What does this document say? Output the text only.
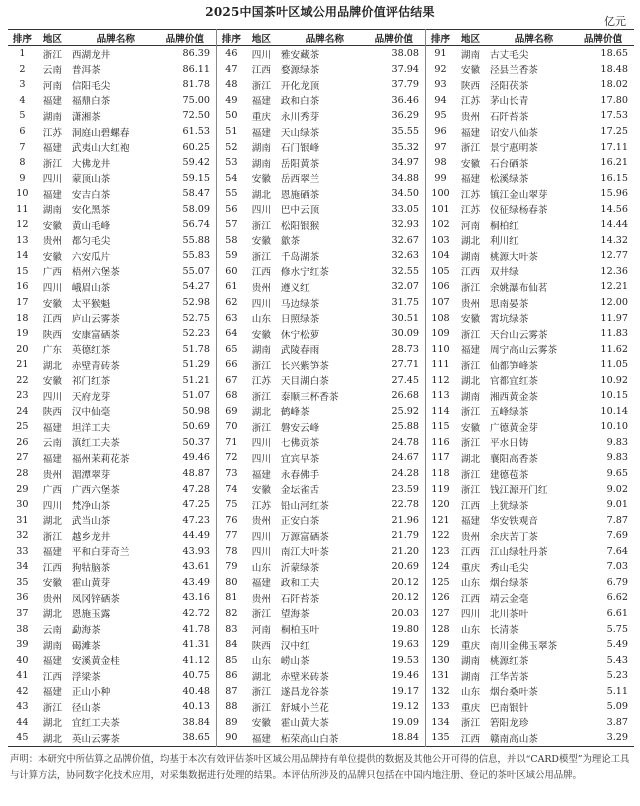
2025中国茶叶区域公用品牌价值评估结果
亿元
排序	地区	品牌名称	品牌价值
1	浙江	西湖龙井	86.39
2	云南	普洱茶	86.11
3	河南	信阳毛尖	81.78
4	福建	福鼎白茶	75.00
5	湖南	潇湘茶	72.50
6	江苏	洞庭山碧螺春	61.53
7	福建	武夷山大红袍	60.25
8	浙江	大佛龙井	59.42
9	四川	蒙顶山茶	59.15
10	福建	安吉白茶	58.47
11	湖南	安化黑茶	58.09
12	安徽	黄山毛峰	56.74
13	贵州	都匀毛尖	55.88
14	安徽	六安瓜片	55.83
15	广西	梧州六堡茶	55.07
16	四川	峨眉山茶	54.27
17	安徽	太平猴魁	52.98
18	江西	庐山云雾茶	52.75
19	陕西	安康富硒茶	52.23
20	广东	英德红茶	51.78
21	湖北	赤壁青砖茶	51.29
22	安徽	祁门红茶	51.21
23	四川	天府龙芽	51.07
24	陕西	汉中仙毫	50.98
25	福建	坦洋工夫	50.69
26	云南	滇红工夫茶	50.37
27	福建	福州茉莉花茶	49.46
28	贵州	湄潭翠芽	48.87
29	广西	广西六堡茶	47.28
30	四川	梵净山茶	47.25
31	湖北	武当山茶	47.23
32	浙江	越乡龙井	44.49
33	福建	平和白芽奇兰	43.93
34	江西	狗牯脑茶	43.61
35	安徽	霍山黄芽	43.49
36	贵州	凤冈锌硒茶	43.16
37	湖北	恩施玉露	42.72
38	云南	勐海茶	41.78
39	湖南	碣滩茶	41.31
40	福建	安溪黄金桂	41.12
41	江西	浮梁茶	40.75
42	福建	正山小种	40.48
43	浙江	径山茶	40.13
44	湖北	宜红工夫茶	38.84
45	湖北	英山云雾茶	38.65
排序	地区	品牌名称	品牌价值
46	四川	雅安藏茶	38.08
47	江西	婺源绿茶	37.94
48	浙江	开化龙顶	37.79
49	福建	政和白茶	36.46
50	重庆	永川秀芽	36.29
51	福建	天山绿茶	35.55
52	湖南	石门银峰	35.32
53	湖南	岳阳黄茶	34.97
54	安徽	岳西翠兰	34.88
55	湖北	恩施硒茶	34.50
56	四川	巴中云顶	33.05
57	浙江	松阳银猴	32.93
58	安徽	歙茶	32.67
59	浙江	千岛湖茶	32.63
60	江西	修水宁红茶	32.55
61	贵州	遵义红	32.07
62	四川	马边绿茶	31.75
63	山东	日照绿茶	30.51
64	安徽	休宁松萝	30.09
65	湖南	武陵春雨	28.73
66	浙江	长兴紫笋茶	27.71
67	江苏	天目湖白茶	27.45
68	浙江	泰顺三杯香茶	26.68
69	湖北	鹤峰茶	25.92
70	浙江	磐安云峰	25.88
71	四川	七佛贡茶	24.78
72	四川	宜宾早茶	24.67
73	福建	永春佛手	24.28
74	安徽	金坛雀舌	23.59
75	江苏	铅山河红茶	22.78
76	贵州	正安白茶	21.96
77	四川	万源富硒茶	21.79
78	四川	南江大叶茶	21.20
79	山东	沂蒙绿茶	20.69
80	福建	政和工夫	20.12
81	贵州	石阡苔茶	20.12
82	浙江	望海茶	20.03
83	河南	桐柏玉叶	19.80
84	陕西	汉中红	19.63
85	山东	崂山茶	19.53
86	湖北	赤壁米砖茶	19.46
87	浙江	遂昌龙谷茶	19.17
88	浙江	舒城小兰花	19.12
89	安徽	霍山黄大茶	19.09
90	福建	柘荣高山白茶	18.84
排序	地区	品牌名称	品牌价值
91	湖南	古丈毛尖	18.65
92	安徽	泾县兰香茶	18.48
93	陕西	泾阳茯茶	18.02
94	江苏	茅山长青	17.80
95	贵州	石阡苔茶	17.53
96	福建	诏安八仙茶	17.25
97	浙江	景宁惠明茶	17.11
98	安徽	石台硒茶	16.21
99	福建	松溪绿茶	16.15
100	江苏	镇江金山翠芽	15.96
101	江苏	仪征绿杨春茶	14.56
102	河南	桐柏红	14.44
103	湖北	利川红	14.32
104	湖南	桃源大叶茶	12.77
105	江西	双井绿	12.36
106	浙江	余姚瀑布仙茗	12.21
107	贵州	思南晏茶	12.00
108	安徽	霄坑绿茶	11.97
109	浙江	天台山云雾茶	11.83
110	福建	周宁高山云雾茶	11.62
111	浙江	仙都笋峰茶	11.05
112	湖北	官都宜红茶	10.92
113	湖南	湘西黄金茶	10.15
114	浙江	五峰绿茶	10.14
115	安徽	广德黄金芽	10.10
116	浙江	平水日铸	9.83
117	湖北	襄阳高香茶	9.83
118	浙江	建德苞茶	9.65
119	浙江	钱江源开门红	9.02
120	江西	上犹绿茶	9.01
121	福建	华安铁观音	7.87
122	贵州	余庆苦丁茶	7.69
123	江西	江山绿牡丹茶	7.64
124	重庆	秀山毛尖	7.03
125	山东	烟台绿茶	6.79
126	江西	靖云金毫	6.62
127	四川	北川茶叶	6.61
128	山东	长清茶	5.75
129	重庆	南川金佛玉翠茶	5.49
130	湖南	桃源红茶	5.43
131	湖南	江华苦茶	5.23
132	山东	烟台桑叶茶	5.11
133	重庆	巴南银针	5.09
134	浙江	箬阳龙珍	3.87
135	江西	赣南高山茶	3.29
声明：本研究中所估算之品牌价值，均基于本次有效评估茶叶区域公用品牌持有单位提供的数据及其他公开可得的信息，并以“CARD模型”为理论工具与计算方法，协同数字化技术应用，对采集数据进行处理的结果。本评估所涉及的品牌只包括在中国内地注册、登记的茶叶区域公用品牌。
